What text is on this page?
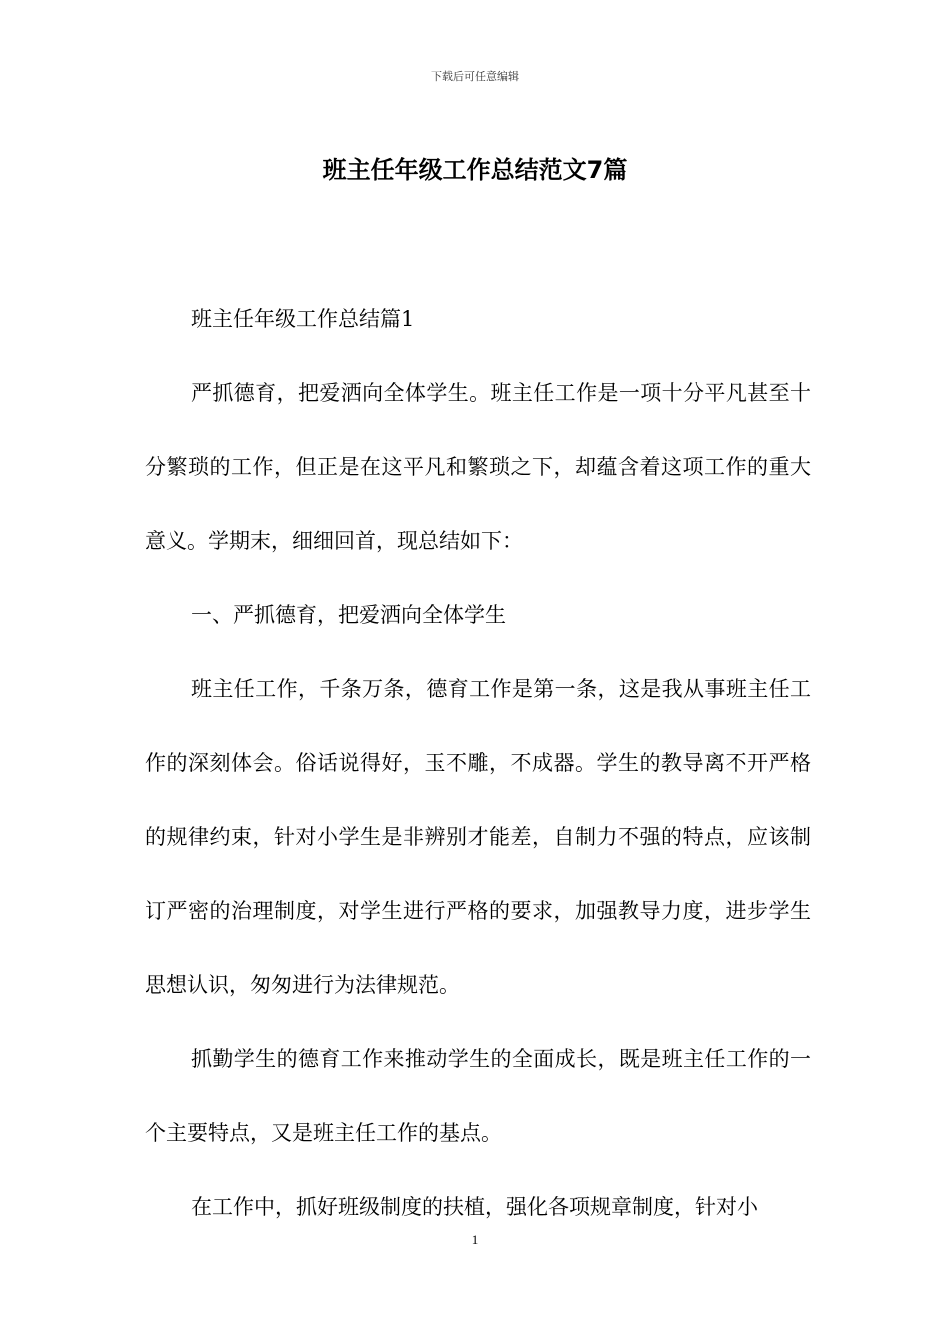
下载后可任意编辑
班主任年级工作总结范文7篇

班主任年级工作总结篇1

严抓德育，把爱洒向全体学生。班主任工作是一项十分平凡甚至十分繁琐的工作，但正是在这平凡和繁琐之下，却蕴含着这项工作的重大意义。学期末，细细回首，现总结如下：

一、严抓德育，把爱洒向全体学生

班主任工作，千条万条，德育工作是第一条，这是我从事班主任工作的深刻体会。俗话说得好，玉不雕，不成器。学生的教导离不开严格的规律约束，针对小学生是非辨别才能差，自制力不强的特点，应该制订严密的治理制度，对学生进行严格的要求，加强教导力度，进步学生思想认识，匆匆进行为法律规范。

抓勤学生的德育工作来推动学生的全面成长，既是班主任工作的一个主要特点，又是班主任工作的基点。

在工作中，抓好班级制度的扶植，强化各项规章制度，针对小

1
